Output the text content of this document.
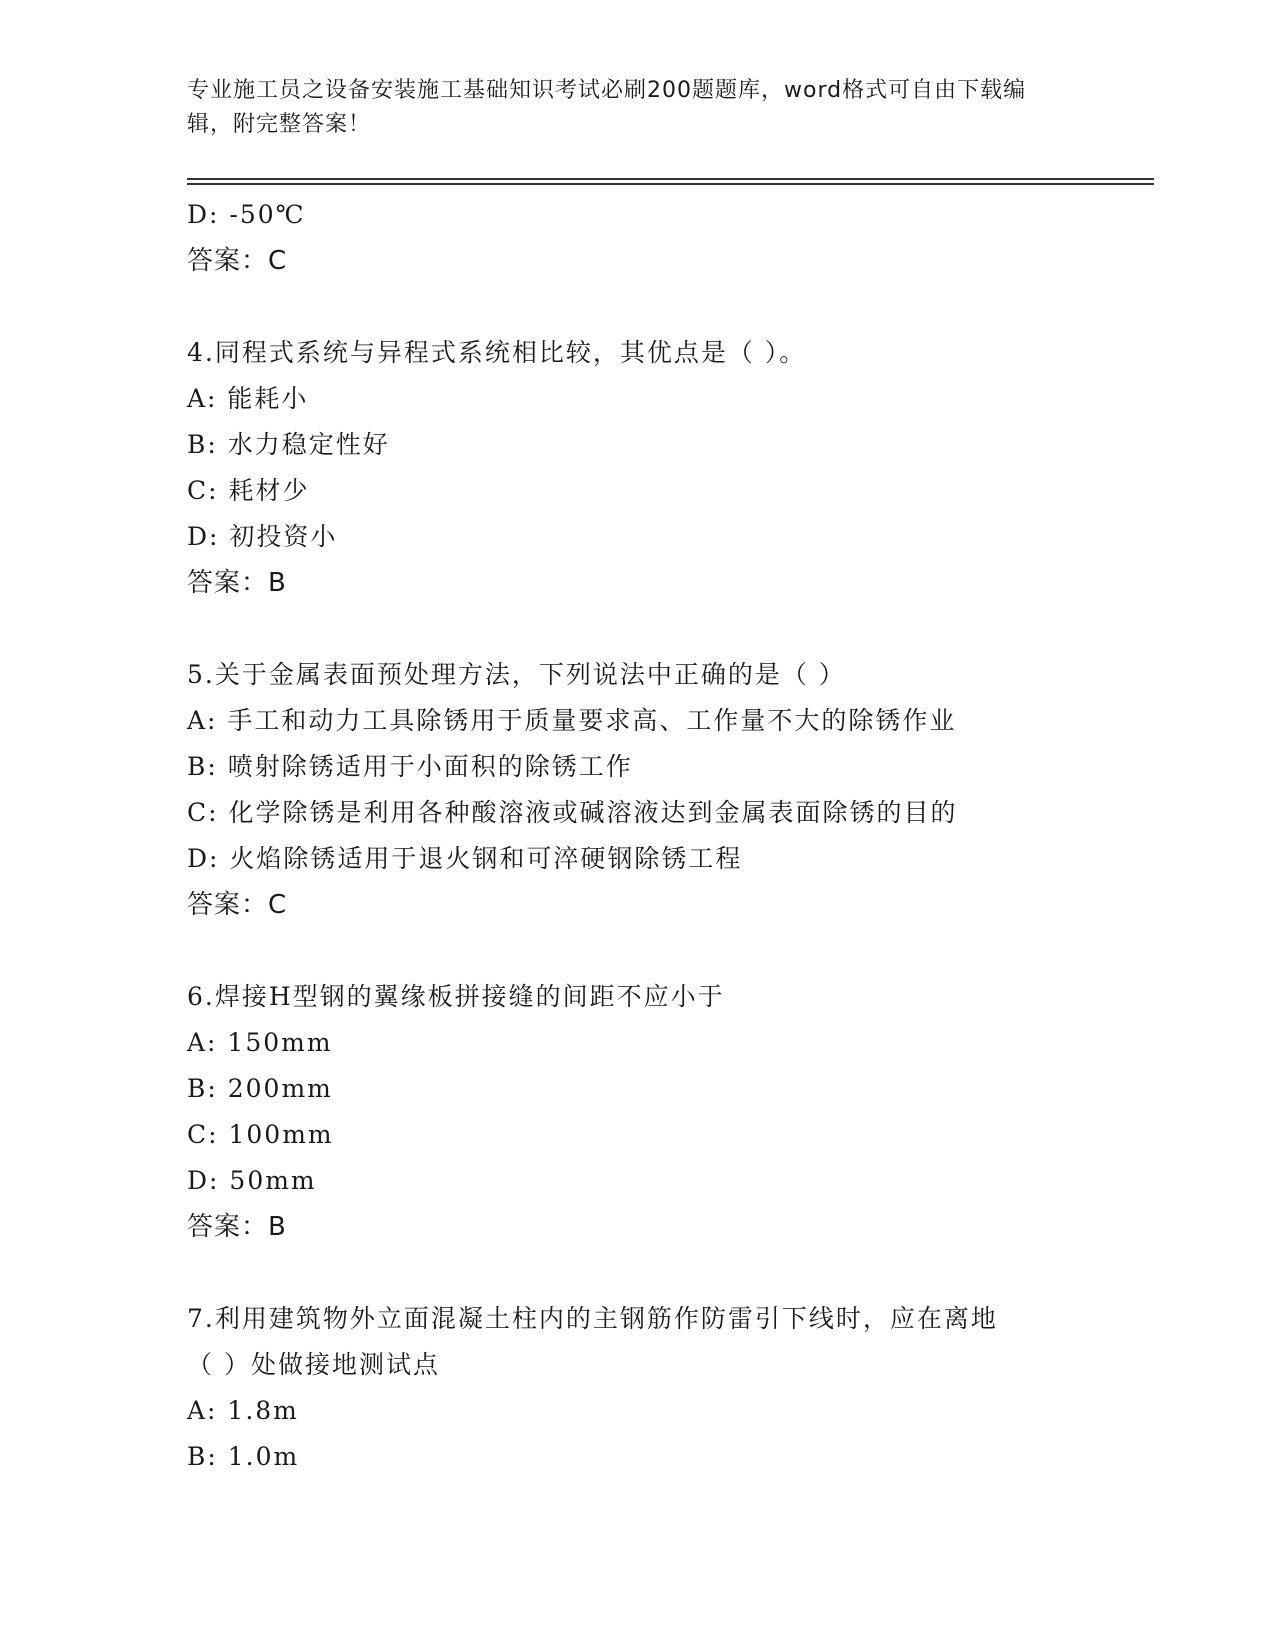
专业施工员之设备安装施工基础知识考试必刷200题题库，word格式可自由下载编辑，附完整答案！
D: -50℃
答案：C
4.同程式系统与异程式系统相比较，其优点是（ ）。
A: 能耗小
B: 水力稳定性好
C: 耗材少
D: 初投资小
答案：B
5.关于金属表面预处理方法，下列说法中正确的是（ ）
A: 手工和动力工具除锈用于质量要求高、工作量不大的除锈作业
B: 喷射除锈适用于小面积的除锈工作
C: 化学除锈是利用各种酸溶液或碱溶液达到金属表面除锈的目的
D: 火焰除锈适用于退火钢和可淬硬钢除锈工程
答案：C
6.焊接H型钢的翼缘板拼接缝的间距不应小于
A: 150mm
B: 200mm
C: 100mm
D: 50mm
答案：B
7.利用建筑物外立面混凝土柱内的主钢筋作防雷引下线时，应在离地
（ ）处做接地测试点
A: 1.8m
B: 1.0m
